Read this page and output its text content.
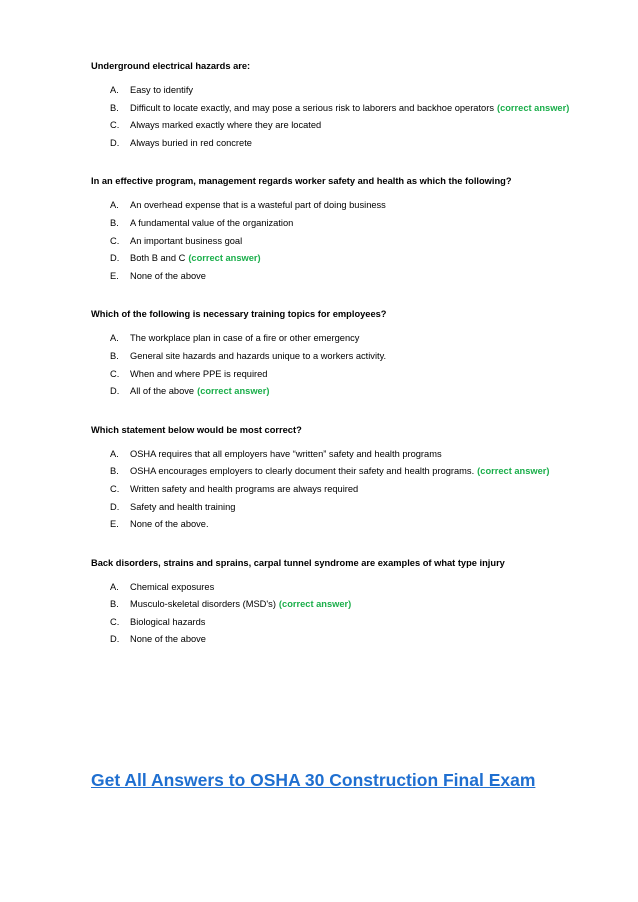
Underground electrical hazards are:
A.	Easy to identify
B.	Difficult to locate exactly, and may pose a serious risk to laborers and backhoe operators (correct answer)
C.	Always marked exactly where they are located
D.	Always buried in red concrete
In an effective program, management regards worker safety and health as which the following?
A.	An overhead expense that is a wasteful part of doing business
B.	A fundamental value of the organization
C.	An important business goal
D.	Both B and C (correct answer)
E.	None of the above
Which of the following is necessary training topics for employees?
A.	The workplace plan in case of a fire or other emergency
B.	General site hazards and hazards unique to a workers activity.
C.	When and where PPE is required
D.	All of the above (correct answer)
Which statement below would be most correct?
A.	OSHA requires that all employers have “written” safety and health programs
B.	OSHA encourages employers to clearly document their safety and health programs. (correct answer)
C.	Written safety and health programs are always required
D.	Safety and health training
E.	None of the above.
Back disorders, strains and sprains, carpal tunnel syndrome are examples of what type injury
A.	Chemical exposures
B.	Musculo-skeletal disorders (MSD's) (correct answer)
C.	Biological hazards
D.	None of the above
Get All Answers to OSHA 30 Construction Final Exam
